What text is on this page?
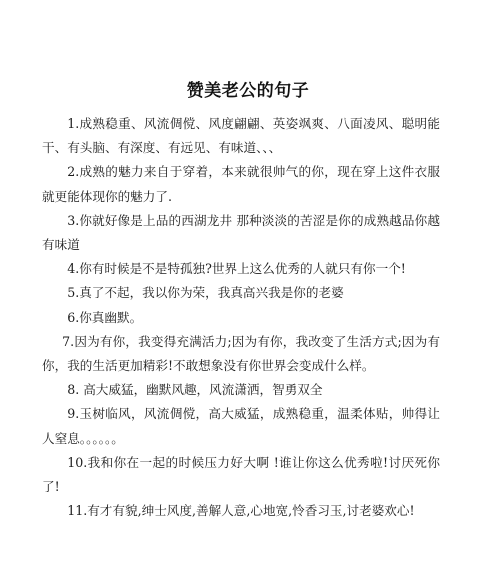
赞美老公的句子

1.成熟稳重、风流倜傥、风度翩翩、英姿飒爽、八面凌风、聪明能干、有头脑、有深度、有远见、有味道、、、

2.成熟的魅力来自于穿着，本来就很帅气的你，现在穿上这件衣服就更能体现你的魅力了.

3.你就好像是上品的西湖龙井 那种淡淡的苦涩是你的成熟越品你越有味道

4.你有时候是不是特孤独?世界上这么优秀的人就只有你一个!

5.真了不起，我以你为荣，我真高兴我是你的老婆

6.你真幽默。

7.因为有你，我变得充满活力;因为有你，我改变了生活方式;因为有你，我的生活更加精彩!不敢想象没有你世界会变成什么样。

8. 高大威猛，幽默风趣，风流潇洒，智勇双全

9.玉树临风，风流倜傥，高大威猛，成熟稳重，温柔体贴，帅得让人窒息。。。。。。

10.我和你在一起的时候压力好大啊 !谁让你这么优秀啦!讨厌死你了!

11.有才有貌,绅士风度,善解人意,心地宽,怜香习玉,讨老婆欢心!
